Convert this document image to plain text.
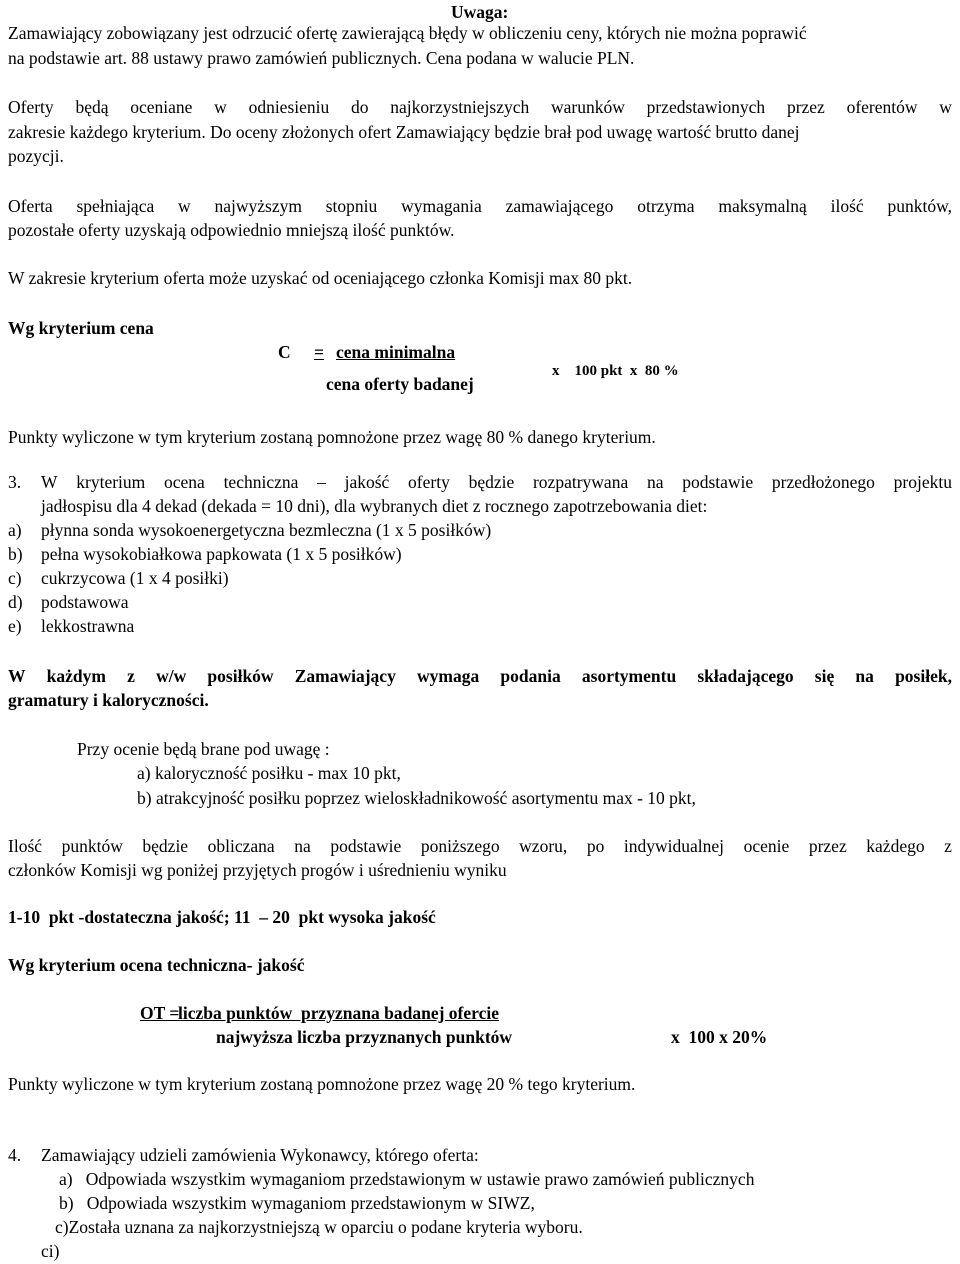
Uwaga:
Zamawiający zobowiązany jest odrzucić ofertę zawierającą błędy w obliczeniu ceny, których nie można poprawić
na podstawie art. 88 ustawy prawo zamówień publicznych. Cena podana w walucie PLN.
Oferty będą oceniane w odniesieniu do najkorzystniejszych warunków przedstawionych przez oferentów w
zakresie każdego kryterium. Do oceny złożonych ofert Zamawiający będzie brał pod uwagę wartość brutto danej
pozycji.
Oferta spełniająca w najwyższym stopniu wymagania zamawiającego otrzyma maksymalną ilość punktów,
pozostałe oferty uzyskają odpowiednio mniejszą ilość punktów.
W zakresie kryterium oferta może uzyskać od oceniającego członka Komisji max 80 pkt.
Wg kryterium cena
C = cena minimalna
cena oferty badanej
x    100 pkt  x  80 %
Punkty wyliczone w tym kryterium zostaną pomnożone przez wagę 80 % danego kryterium.
3. W kryterium ocena techniczna – jakość oferty będzie rozpatrywana na podstawie przedłożonego projektu
jadłospisu dla 4 dekad (dekada = 10 dni), dla wybranych diet z rocznego zapotrzebowania diet:
a) płynna sonda wysokoenergetyczna bezmleczna (1 x 5 posiłków)
b) pełna wysokobiałkowa papkowata (1 x 5 posiłków)
c) cukrzycowa (1 x 4 posiłki)
d) podstawowa
e) lekkostrawna
W każdym z w/w posiłków Zamawiający wymaga podania asortymentu składającego się na posiłek,
gramatury i kaloryczności.
Przy ocenie będą brane pod uwagę :
a) kaloryczność posiłku - max 10 pkt,
b) atrakcyjność posiłku poprzez wieloskładnikowość asortymentu max - 10 pkt,
Ilość punktów będzie obliczana na podstawie poniższego wzoru, po indywidualnej ocenie przez każdego z
członków Komisji wg poniżej przyjętych progów i uśrednieniu wyniku
1-10  pkt -dostateczna jakość; 11  – 20  pkt wysoka jakość
Wg kryterium ocena techniczna- jakość
OT =
liczba punktów  przyznana badanej ofercie
najwyższa liczba przyznanych punktów	x  100 x 20%
Punkty wyliczone w tym kryterium zostaną pomnożone przez wagę 20 % tego kryterium.
4. Zamawiający udzieli zamówienia Wykonawcy, którego oferta:
a)   Odpowiada wszystkim wymaganiom przedstawionym w ustawie prawo zamówień publicznych
b)   Odpowiada wszystkim wymaganiom przedstawionym w SIWZ,
c)Została uznana za najkorzystniejszą w oparciu o podane kryteria wyboru.
ci)
